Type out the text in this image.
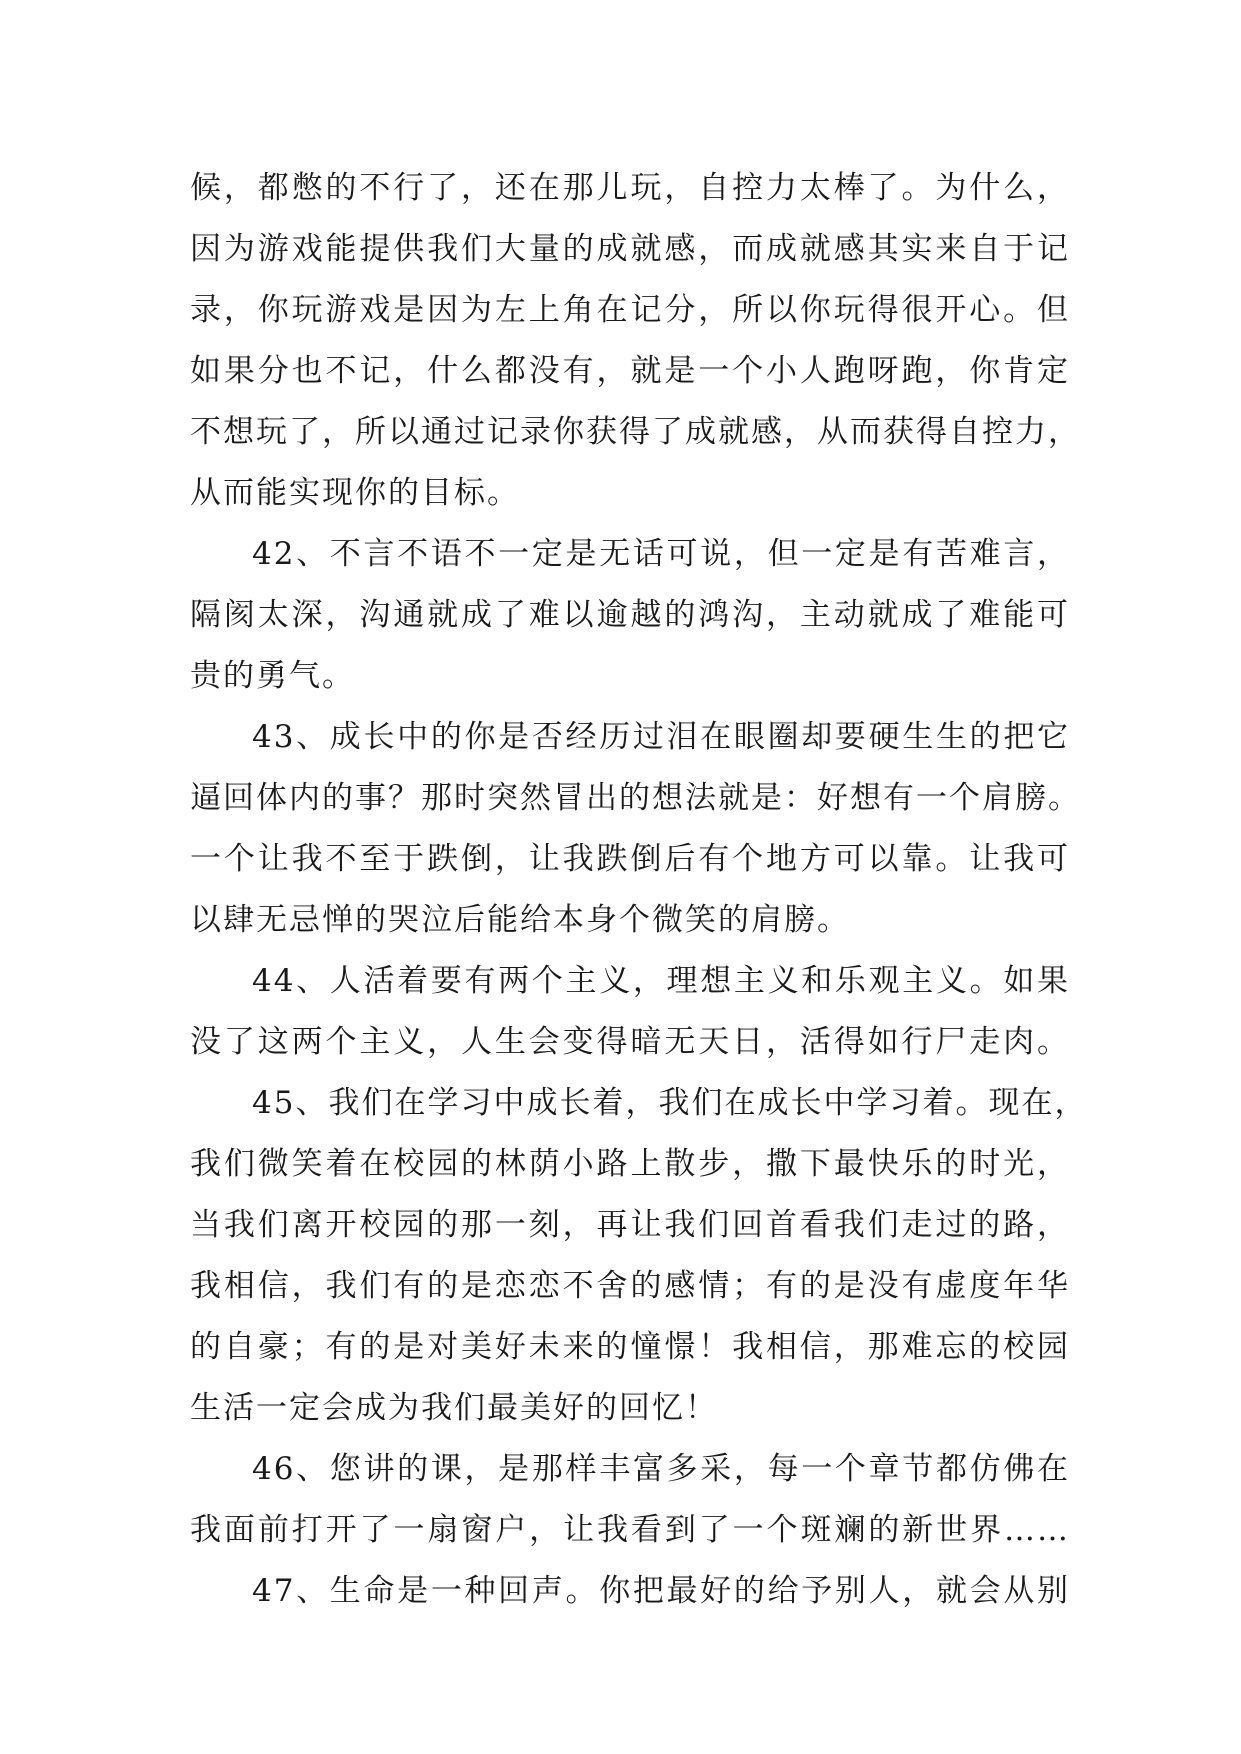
候，都憋的不行了，还在那儿玩，自控力太棒了。为什么，
因为游戏能提供我们大量的成就感，而成就感其实来自于记
录，你玩游戏是因为左上角在记分，所以你玩得很开心。但
如果分也不记，什么都没有，就是一个小人跑呀跑，你肯定
不想玩了，所以通过记录你获得了成就感，从而获得自控力，
从而能实现你的目标。
42、不言不语不一定是无话可说，但一定是有苦难言，
隔阂太深，沟通就成了难以逾越的鸿沟，主动就成了难能可
贵的勇气。
43、成长中的你是否经历过泪在眼圈却要硬生生的把它
逼回体内的事？那时突然冒出的想法就是：好想有一个肩膀。
一个让我不至于跌倒，让我跌倒后有个地方可以靠。让我可
以肆无忌惮的哭泣后能给本身个微笑的肩膀。
44、人活着要有两个主义，理想主义和乐观主义。如果
没了这两个主义，人生会变得暗无天日，活得如行尸走肉。
45、我们在学习中成长着，我们在成长中学习着。现在，
我们微笑着在校园的林荫小路上散步，撒下最快乐的时光，
当我们离开校园的那一刻，再让我们回首看我们走过的路，
我相信，我们有的是恋恋不舍的感情；有的是没有虚度年华
的自豪；有的是对美好未来的憧憬！我相信，那难忘的校园
生活一定会成为我们最美好的回忆！
46、您讲的课，是那样丰富多采，每一个章节都仿佛在
我面前打开了一扇窗户，让我看到了一个斑斓的新世界……
47、生命是一种回声。你把最好的给予别人，就会从别
